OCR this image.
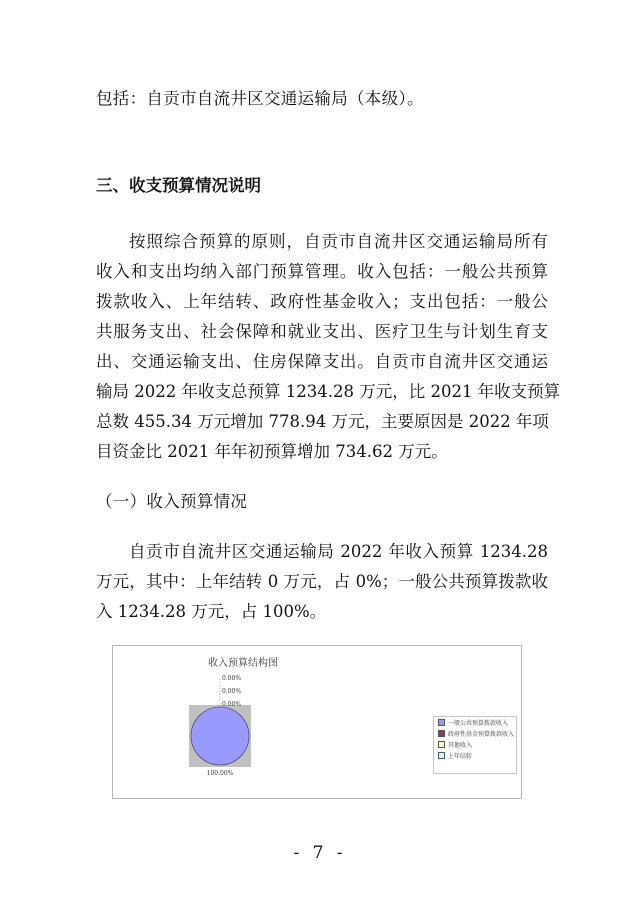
包括：自贡市自流井区交通运输局（本级）。
三、收支预算情况说明
按照综合预算的原则，自贡市自流井区交通运输局所有
收入和支出均纳入部门预算管理。收入包括：一般公共预算
拨款收入、上年结转、政府性基金收入；支出包括：一般公
共服务支出、社会保障和就业支出、医疗卫生与计划生育支
出、交通运输支出、住房保障支出。自贡市自流井区交通运
输局 2022 年收支总预算 1234.28 万元，比 2021 年收支预算
总数 455.34 万元增加 778.94 万元，主要原因是 2022 年项
目资金比 2021 年年初预算增加 734.62 万元。
（一）收入预算情况
自贡市自流井区交通运输局 2022 年收入预算 1234.28
万元，其中：上年结转 0 万元，占 0%；一般公共预算拨款收
入 1234.28 万元，占 100%。
收入预算结构图
100.00%
0.00%
0.00%
0.00%
一般公共预算拨款收入
政府性基金预算拨款收入
其他收入
上年结转
- 7 -
